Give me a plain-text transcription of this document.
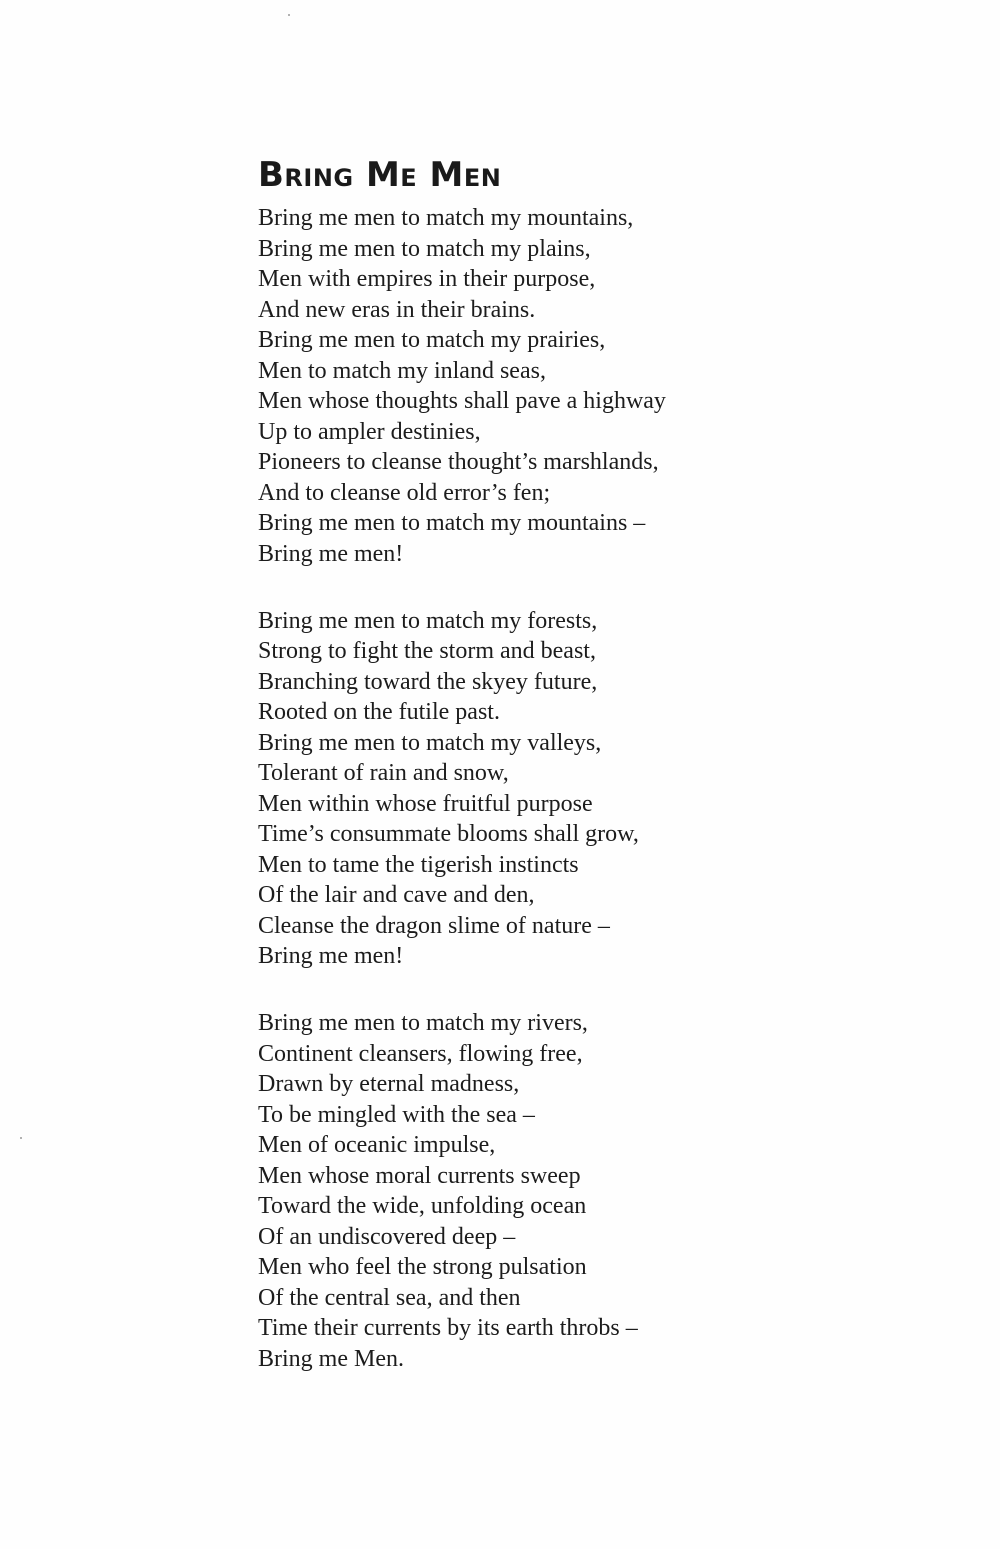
Bring Me Men
Bring me men to match my mountains,
Bring me men to match my plains,
Men with empires in their purpose,
And new eras in their brains.
Bring me men to match my prairies,
Men to match my inland seas,
Men whose thoughts shall pave a highway
Up to ampler destinies,
Pioneers to cleanse thought’s marshlands,
And to cleanse old error’s fen;
Bring me men to match my mountains –
Bring me men!
Bring me men to match my forests,
Strong to fight the storm and beast,
Branching toward the skyey future,
Rooted on the futile past.
Bring me men to match my valleys,
Tolerant of rain and snow,
Men within whose fruitful purpose
Time’s consummate blooms shall grow,
Men to tame the tigerish instincts
Of the lair and cave and den,
Cleanse the dragon slime of nature –
Bring me men!
Bring me men to match my rivers,
Continent cleansers, flowing free,
Drawn by eternal madness,
To be mingled with the sea –
Men of oceanic impulse,
Men whose moral currents sweep
Toward the wide, unfolding ocean
Of an undiscovered deep –
Men who feel the strong pulsation
Of the central sea, and then
Time their currents by its earth throbs –
Bring me Men.
